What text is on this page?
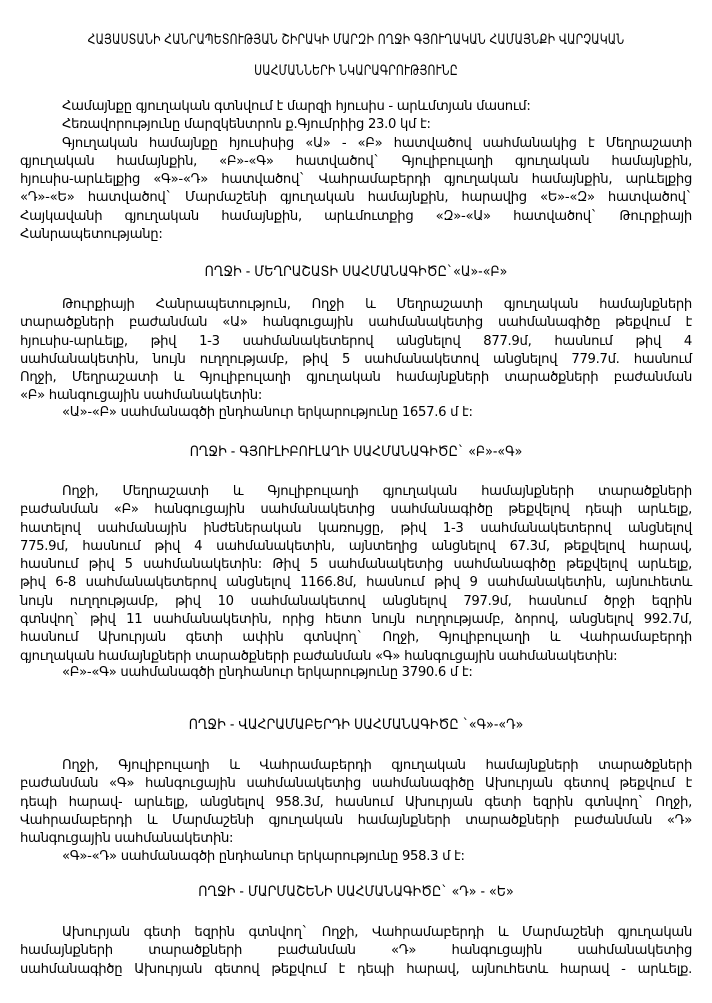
ՀԱՅԱՍՏԱՆԻ ՀԱՆՐԱՊԵՏՈՒԹՅԱՆ ՇԻՐԱԿԻ ՄԱՐԶԻ ՈՂՋԻ ԳՅՈՒՂԱԿԱՆ ՀԱՄԱՅՆՔԻ ՎԱՐՉԱԿԱՆ
ՍԱՀՄԱՆՆԵՐԻ ՆԿԱՐԱԳՐՈՒԹՅՈՒՆԸ
Համայնքը գյուղական գտնվում է մարզի հյուսիս - արևմտյան մասում:
Հեռավորությունը մարզկենտրոն ք.Գյումրիից 23.0 կմ է:
Գյուղական համայնքը հյուսիսից «Ա» - «Բ» հատվածով սահմանակից է Մեղրաշատի
գյուղական համայնքին, «Բ»-«Գ» հատվածով` Գյուլիբուլաղի գյուղական համայնքին,
հյուսիս-արևելքից «Գ»-«Դ» հատվածով` Վահրամաբերդի գյուղական համայնքին, արևելքից
«Դ»-«Ե» հատվածով` Մարմաշենի գյուղական համայնքին, հարավից «Ե»-«Զ» հատվածով`
Հայկավանի գյուղական համայնքին, արևմուտքից «Զ»-«Ա» հատվածով` Թուրքիայի
Հանրապետությանը:
ՈՂՋԻ - ՄԵՂՐԱՇԱՏԻ ՍԱՀՄԱՆԱԳԻԾԸ`«Ա»-«Բ»
Թուրքիայի Հանրապետություն, Ողջի և Մեղրաշատի գյուղական համայնքների
տարածքների բաժանման «Ա» հանգուցային սահմանակետից սահմանագիծը թեքվում է
հյուսիս-արևելք, թիվ 1-3 սահմանակետերով անցնելով 877.9մ, հասնում թիվ 4
սահմանակետին, նույն ուղղությամբ, թիվ 5 սահմանակետով անցնելով 779.7մ. հասնում
Ողջի, Մեղրաշատի և Գյուլիբուլաղի գյուղական համայնքների տարածքների բաժանման
«Բ» հանգուցային սահմանակետին:
«Ա»-«Բ» սահմանագծի ընդհանուր երկարությունը 1657.6 մ է:
ՈՂՋԻ - ԳՅՈՒԼԻԲՈՒԼԱՂԻ ՍԱՀՄԱՆԱԳԻԾԸ` «Բ»-«Գ»
Ողջի, Մեղրաշատի և Գյուլիբուլաղի գյուղական համայնքների տարածքների
բաժանման «Բ» հանգուցային սահմանակետից սահմանագիծը թեքվելով դեպի արևելք,
հատելով սահմանային ինժեներական կառույցը, թիվ 1-3 սահմանակետերով անցնելով
775.9մ, հասնում թիվ 4 սահմանակետին, այնտեղից անցնելով 67.3մ, թեքվելով հարավ,
հասնում թիվ 5 սահմանակետին: Թիվ 5 սահմանակետից սահմանագիծը թեքվելով արևելք,
թիվ 6-8 սահմանակետերով անցնելով 1166.8մ, հասնում թիվ 9 սահմանակետին, այնուհետև
նույն ուղղությամբ, թիվ 10 սահմանակետով անցնելով 797.9մ, հասնում ծրջի եզրին
գտնվող` թիվ 11 սահմանակետին, որից հետո նույն ուղղությամբ, ձորով, անցնելով 992.7մ,
հասնում Ախուրյան գետի ափին գտնվող` Ողջի, Գյուլիբուլաղի և Վահրամաբերդի
գյուղական համայնքների տարածքների բաժանման «Գ» հանգուցային սահմանակետին:
«Բ»-«Գ» սահմանագծի ընդհանուր երկարությունը 3790.6 մ է:
ՈՂՋԻ - ՎԱՀՐԱՄԱԲԵՐԴԻ ՍԱՀՄԱՆԱԳԻԾԸ `«Գ»-«Դ»
Ողջի, Գյուլիբուլաղի և Վահրամաբերդի գյուղական համայնքների տարածքների
բաժանման «Գ» հանգուցային սահմանակետից սահմանագիծը Ախուրյան գետով թեքվում է
դեպի հարավ- արևելք, անցնելով 958.3մ, հասնում Ախուրյան գետի եզրին գտնվող` Ողջի,
Վահրամաբերդի և Մարմաշենի գյուղական համայնքների տարածքների բաժանման «Դ»
հանգուցային սահմանակետին:
«Գ»-«Դ» սահմանագծի ընդհանուր երկարությունը 958.3 մ է:
ՈՂՋԻ - ՄԱՐՄԱՇԵՆԻ ՍԱՀՄԱՆԱԳԻԾԸ` «Դ» - «Ե»
Ախուրյան գետի եզրին գտնվող` Ողջի, Վահրամաբերդի և Մարմաշենի գյուղական
համայնքների տարածքների բաժանման «Դ» հանգուցային սահմանակետից
սահմանագիծը Ախուրյան գետով թեքվում է դեպի հարավ, այնուհետև հարավ - արևելք.
